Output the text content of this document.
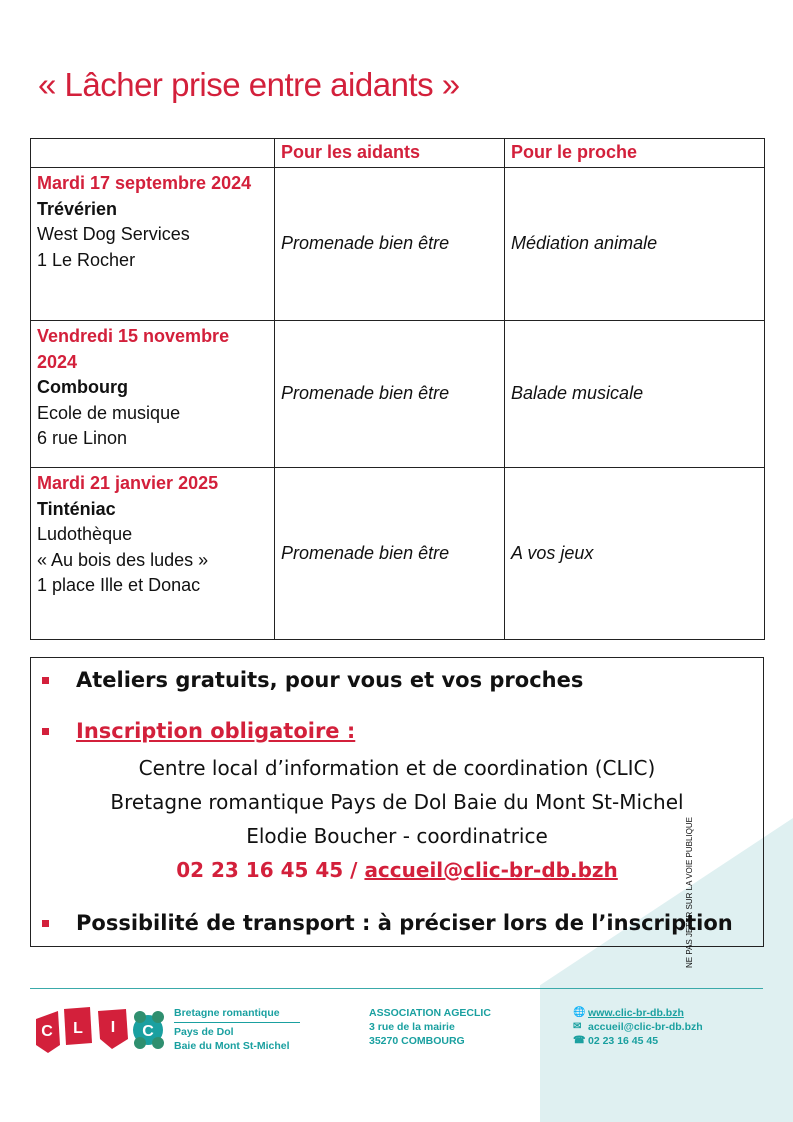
« Lâcher prise entre aidants »
	Pour les aidants	Pour le proche

Mardi 17 septembre 2024
Trévérien
West Dog Services
1 Le Rocher	Promenade bien être	Médiation animale

Vendredi 15 novembre 2024
Combourg
Ecole de musique
6 rue Linon	Promenade bien être	Balade musicale

Mardi 21 janvier 2025
Tinténiac
Ludothèque
« Au bois des ludes »
1 place Ille et Donac	Promenade bien être	A vos jeux
Ateliers gratuits, pour vous et vos proches
Inscription obligatoire :
Centre local d’information et de coordination (CLIC)
Bretagne romantique Pays de Dol Baie du Mont St-Michel
Elodie Boucher - coordinatrice
02 23 16 45 45 / accueil@clic-br-db.bzh
Possibilité de transport : à préciser lors de l’inscription
NE PAS JETER SUR LA VOIE PUBLIQUE
C L I C
Bretagne romantique
Pays de Dol
Baie du Mont St-Michel
ASSOCIATION AGECLIC
3 rue de la mairie
35270 COMBOURG
🌐 www.clic-br-db.bzh
✉ accueil@clic-br-db.bzh
☎ 02 23 16 45 45
